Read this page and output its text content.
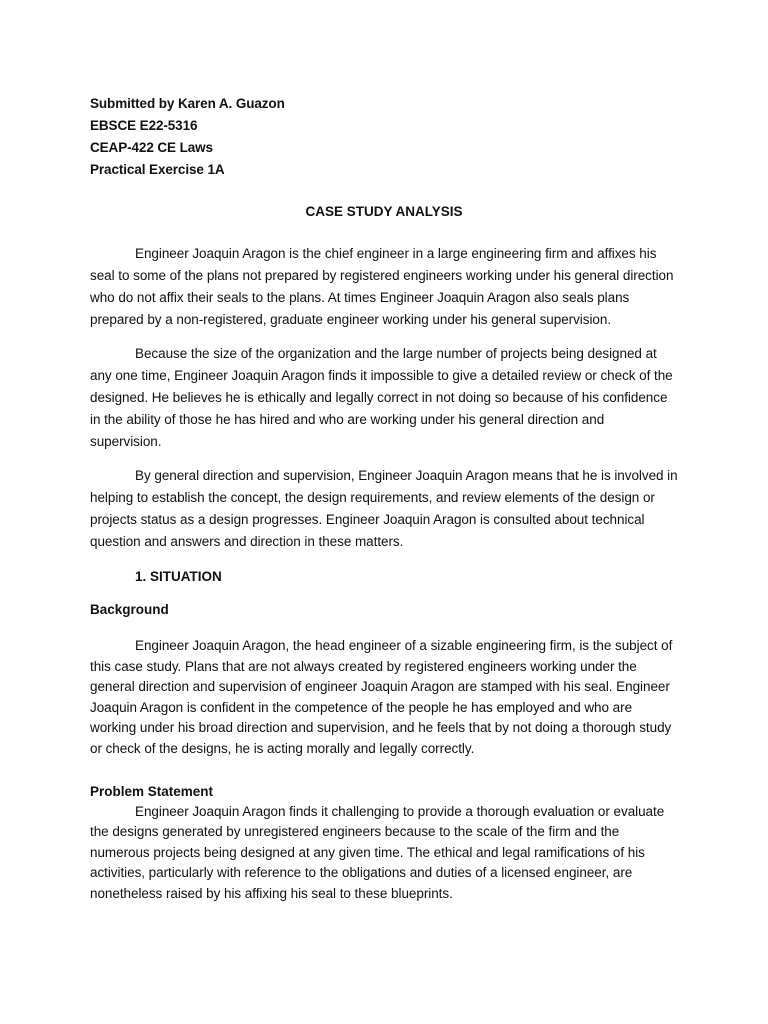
Submitted by Karen A. Guazon
EBSCE E22-5316
CEAP-422 CE Laws
Practical Exercise 1A
CASE STUDY ANALYSIS

Engineer Joaquin Aragon is the chief engineer in a large engineering firm and affixes his seal to some of the plans not prepared by registered engineers working under his general direction who do not affix their seals to the plans. At times Engineer Joaquin Aragon also seals plans prepared by a non-registered, graduate engineer working under his general supervision.

Because the size of the organization and the large number of projects being designed at any one time, Engineer Joaquin Aragon finds it impossible to give a detailed review or check of the designed. He believes he is ethically and legally correct in not doing so because of his confidence in the ability of those he has hired and who are working under his general direction and supervision.

By general direction and supervision, Engineer Joaquin Aragon means that he is involved in helping to establish the concept, the design requirements, and review elements of the design or projects status as a design progresses. Engineer Joaquin Aragon is consulted about technical question and answers and direction in these matters.

1. SITUATION
Background

Engineer Joaquin Aragon, the head engineer of a sizable engineering firm, is the subject of this case study. Plans that are not always created by registered engineers working under the general direction and supervision of engineer Joaquin Aragon are stamped with his seal. Engineer Joaquin Aragon is confident in the competence of the people he has employed and who are working under his broad direction and supervision, and he feels that by not doing a thorough study or check of the designs, he is acting morally and legally correctly.

Problem Statement

Engineer Joaquin Aragon finds it challenging to provide a thorough evaluation or evaluate the designs generated by unregistered engineers because to the scale of the firm and the numerous projects being designed at any given time. The ethical and legal ramifications of his activities, particularly with reference to the obligations and duties of a licensed engineer, are nonetheless raised by his affixing his seal to these blueprints.
